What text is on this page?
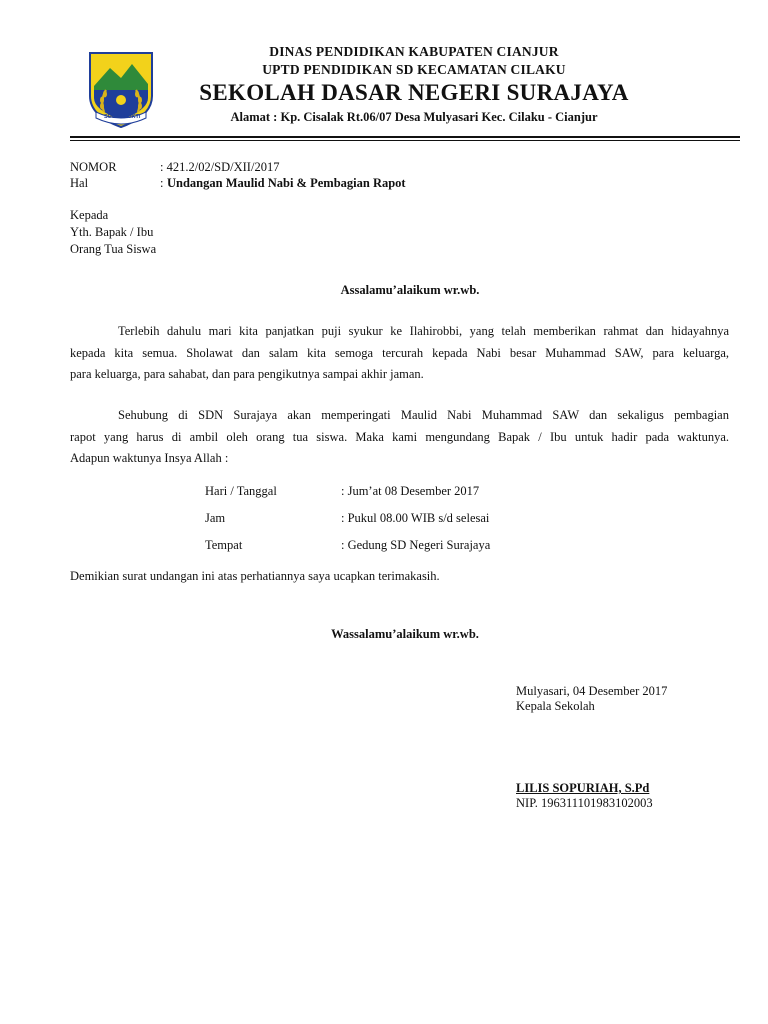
SUGIH MUKTI
DINAS PENDIDIKAN KABUPATEN CIANJUR
UPTD PENDIDIKAN SD KECAMATAN CILAKU
SEKOLAH DASAR NEGERI SURAJAYA
Alamat : Kp. Cisalak Rt.06/07 Desa Mulyasari Kec. Cilaku - Cianjur
NOMOR	: 421.2/02/SD/XII/2017
Hal	: Undangan Maulid Nabi & Pembagian Rapot
Kepada
Yth. Bapak / Ibu
Orang Tua Siswa
Assalamu’alaikum wr.wb.
Terlebih dahulu mari kita panjatkan puji syukur ke Ilahirobbi, yang telah memberikan rahmat dan hidayahnya
kepada kita semua. Sholawat dan salam kita semoga tercurah kepada Nabi besar Muhammad SAW, para keluarga,
para keluarga, para sahabat, dan para pengikutnya sampai akhir jaman.
Sehubung di SDN Surajaya akan memperingati Maulid Nabi Muhammad SAW dan sekaligus pembagian
rapot yang harus di ambil oleh orang tua siswa. Maka kami mengundang Bapak / Ibu untuk hadir pada waktunya.
Adapun waktunya Insya Allah :
Hari / Tanggal	: Jum’at 08 Desember 2017
Jam	: Pukul 08.00 WIB s/d selesai
Tempat	: Gedung SD Negeri Surajaya
Demikian surat undangan ini atas perhatiannya saya ucapkan terimakasih.
Wassalamu’alaikum wr.wb.
Mulyasari, 04 Desember 2017
Kepala Sekolah
LILIS SOPURIAH, S.Pd
NIP. 196311101983102003
